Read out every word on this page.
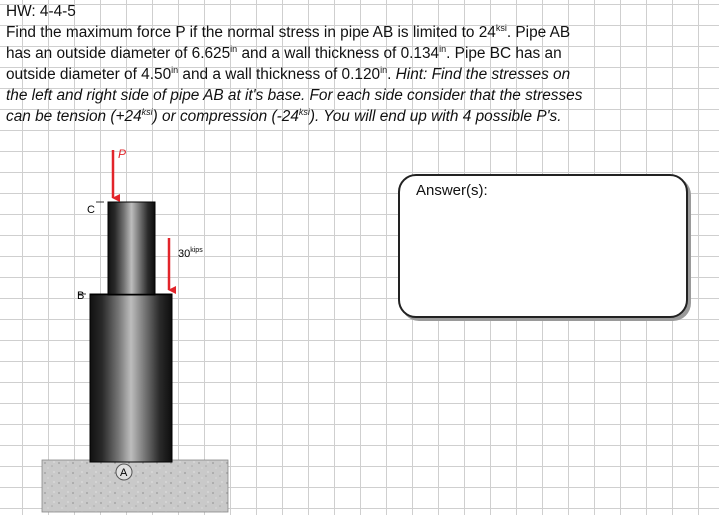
HW: 4-4-5
Find the maximum force P if the normal stress in pipe AB is limited to $24^{ksi}$. Pipe AB
has an outside diameter of $6.625^{in}$ and a wall thickness of $0.134^{in}$. Pipe BC has an
outside diameter of $4.50^{in}$ and a wall thickness of $0.120^{in}$. Hint: Find the stresses on
the left and right side of pipe AB at it's base. For each side consider that the stresses
can be tension $(+24^{ksi})$ or compression $(-24^{ksi})$. You will end up with 4 possible P's.
P
$30^{kips}$
C
B
A
Answer(s):
